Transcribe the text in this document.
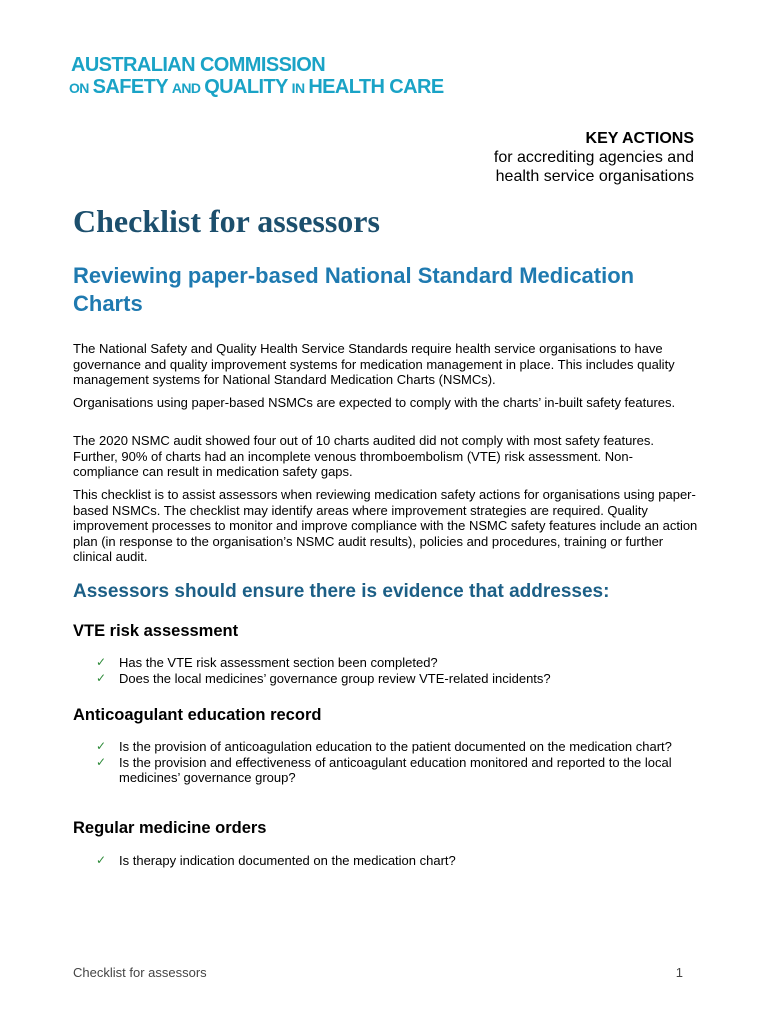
AUSTRALIAN COMMISSION
ON SAFETY AND QUALITY IN HEALTH CARE
KEY ACTIONS
for accrediting agencies and
health service organisations
Checklist for assessors
Reviewing paper-based National Standard Medication Charts

The National Safety and Quality Health Service Standards require health service organisations to have governance and quality improvement systems for medication management in place. This includes quality management systems for National Standard Medication Charts (NSMCs).

Organisations using paper-based NSMCs are expected to comply with the charts’ in-built safety features.

The 2020 NSMC audit showed four out of 10 charts audited did not comply with most safety features. Further, 90% of charts had an incomplete venous thromboembolism (VTE) risk assessment. Non-compliance can result in medication safety gaps.

This checklist is to assist assessors when reviewing medication safety actions for organisations using paper-based NSMCs. The checklist may identify areas where improvement strategies are required. Quality improvement processes to monitor and improve compliance with the NSMC safety features include an action plan (in response to the organisation’s NSMC audit results), policies and procedures, training or further clinical audit.

Assessors should ensure there is evidence that addresses:
VTE risk assessment
✓ Has the VTE risk assessment section been completed?
✓ Does the local medicines’ governance group review VTE-related incidents?
Anticoagulant education record
✓ Is the provision of anticoagulation education to the patient documented on the medication chart?
✓ Is the provision and effectiveness of anticoagulant education monitored and reported to the local medicines’ governance group?
Regular medicine orders
✓ Is therapy indication documented on the medication chart?
Checklist for assessors	1
